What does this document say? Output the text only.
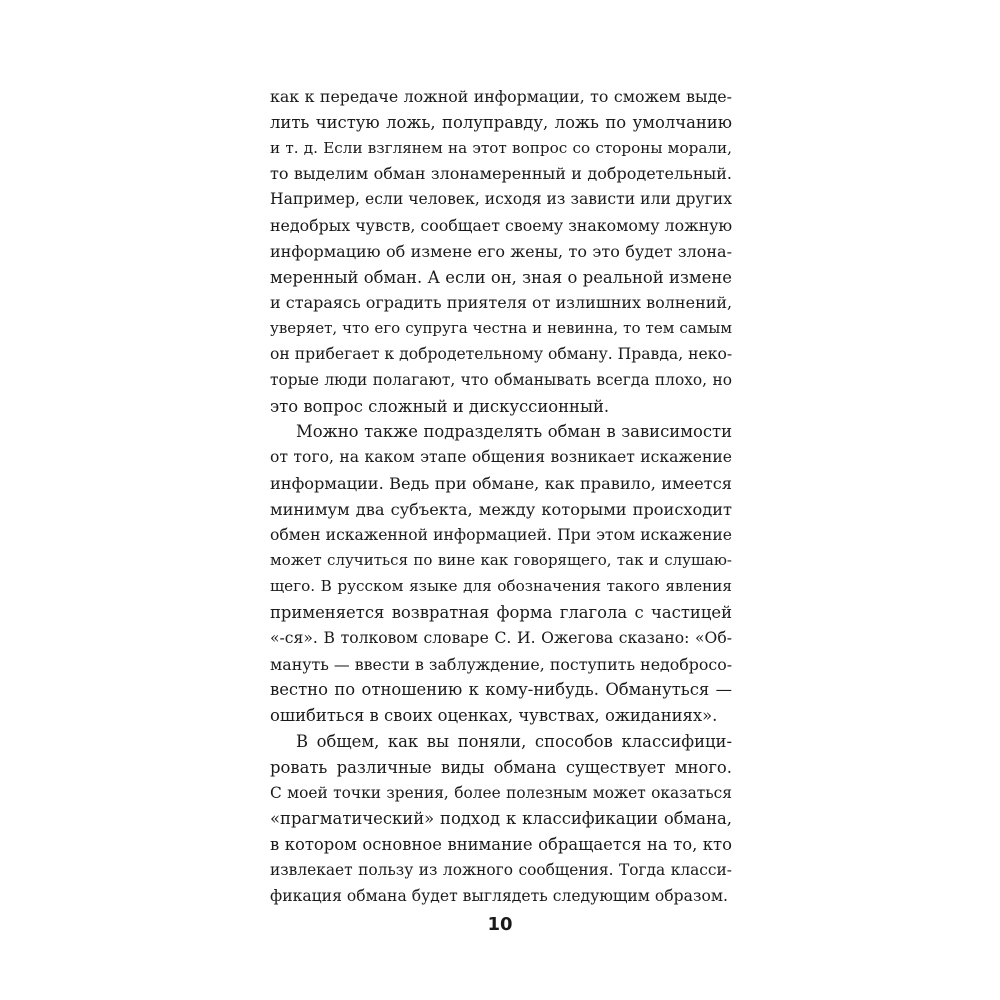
как к передаче ложной информации, то сможем выде-
лить чистую ложь, полуправду, ложь по умолчанию
и т. д. Если взглянем на этот вопрос со стороны морали,
то выделим обман злонамеренный и добродетельный.
Например, если человек, исходя из зависти или других
недобрых чувств, сообщает своему знакомому ложную
информацию об измене его жены, то это будет злона-
меренный обман. А если он, зная о реальной измене
и стараясь оградить приятеля от излишних волнений,
уверяет, что его супруга честна и невинна, то тем самым
он прибегает к добродетельному обману. Правда, неко-
торые люди полагают, что обманывать всегда плохо, но
это вопрос сложный и дискуссионный.
Можно также подразделять обман в зависимости
от того, на каком этапе общения возникает искажение
информации. Ведь при обмане, как правило, имеется
минимум два субъекта, между которыми происходит
обмен искаженной информацией. При этом искажение
может случиться по вине как говорящего, так и слушаю-
щего. В русском языке для обозначения такого явления
применяется возвратная форма глагола с частицей
«-ся». В толковом словаре С. И. Ожегова сказано: «Об-
мануть — ввести в заблуждение, поступить недобросо-
вестно по отношению к кому-нибудь. Обмануться —
ошибиться в своих оценках, чувствах, ожиданиях».
В общем, как вы поняли, способов классифици-
ровать различные виды обмана существует много.
С моей точки зрения, более полезным может оказаться
«прагматический» подход к классификации обмана,
в котором основное внимание обращается на то, кто
извлекает пользу из ложного сообщения. Тогда класси-
фикация обмана будет выглядеть следующим образом.
10
